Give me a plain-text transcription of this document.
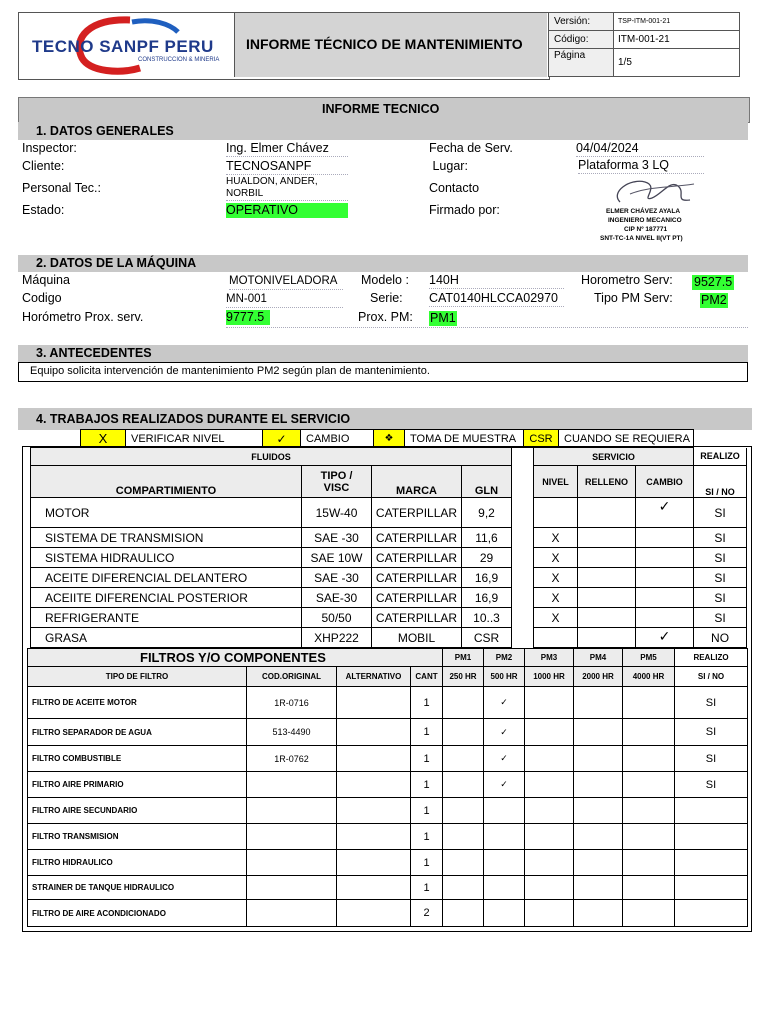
TECNO SANPF PERU
CONSTRUCCION & MINERIA
INFORME TÉCNICO DE MANTENIMIENTO
Versión:	TSP-ITM-001-21
Código:	ITM-001-21
Página	1/5
INFORME TECNICO
1. DATOS GENERALES
Inspector:	Ing. Elmer Chávez	Fecha de Serv.	04/04/2024
Cliente:	TECNOSANPF	Lugar:	Plataforma 3 LQ
Personal Tec.:	HUALDON, ANDER,
NORBIL	Contacto
Estado:	OPERATIVO	Firmado por:	ELMER CHÁVEZ AYALA
INGENIERO MECANICO
CIP Nº 187771
SNT-TC-1A NIVEL II(VT PT)
2. DATOS DE LA MÁQUINA
Máquina	MOTONIVELADORA	Modelo : 140H	Horometro Serv: 9527.5
Codigo	MN-001	Serie: CAT0140HLCCA02970	Tipo PM Serv: PM2
Horómetro Prox. serv.	9777.5	Prox. PM: PM1
3. ANTECEDENTES
Equipo solicita intervención de mantenimiento PM2 según plan de mantenimiento.
4. TRABAJOS REALIZADOS DURANTE EL SERVICIO
X	VERIFICAR NIVEL	✓	CAMBIO	❖	TOMA DE MUESTRA	CSR	CUANDO SE REQUIERA
FLUIDOS					SERVICIO			REALIZO
COMPARTIMIENTO	TIPO /
VISC	MARCA	GLN		NIVEL	RELLENO	CAMBIO	SI / NO
MOTOR	15W-40	CATERPILLAR	9,2				✓	SI
SISTEMA DE TRANSMISION	SAE -30	CATERPILLAR	11,6		X			SI
SISTEMA HIDRAULICO	SAE 10W	CATERPILLAR	29		X			SI
ACEITE DIFERENCIAL DELANTERO	SAE -30	CATERPILLAR	16,9		X			SI
ACEIITE DIFERENCIAL POSTERIOR	SAE-30	CATERPILLAR	16,9		X			SI
REFRIGERANTE	50/50	CATERPILLAR	10..3		X			SI
GRASA	XHP222	MOBIL	CSR				✓	NO
FILTROS Y/O COMPONENTES				PM1	PM2	PM3	PM4	PM5	REALIZO
TIPO DE FILTRO	COD.ORIGINAL	ALTERNATIVO	CANT	250 HR	500 HR	1000 HR	2000 HR	4000 HR	SI / NO
FILTRO DE ACEITE MOTOR	1R-0716		1		✓				SI
FILTRO SEPARADOR DE AGUA	513-4490		1		✓				SI
FILTRO COMBUSTIBLE	1R-0762		1		✓				SI
FILTRO AIRE PRIMARIO			1		✓				SI
FILTRO AIRE SECUNDARIO			1						
FILTRO TRANSMISION			1						
FILTRO HIDRAULICO			1						
STRAINER DE TANQUE HIDRAULICO			1						
FILTRO DE AIRE ACONDICIONADO			2						
